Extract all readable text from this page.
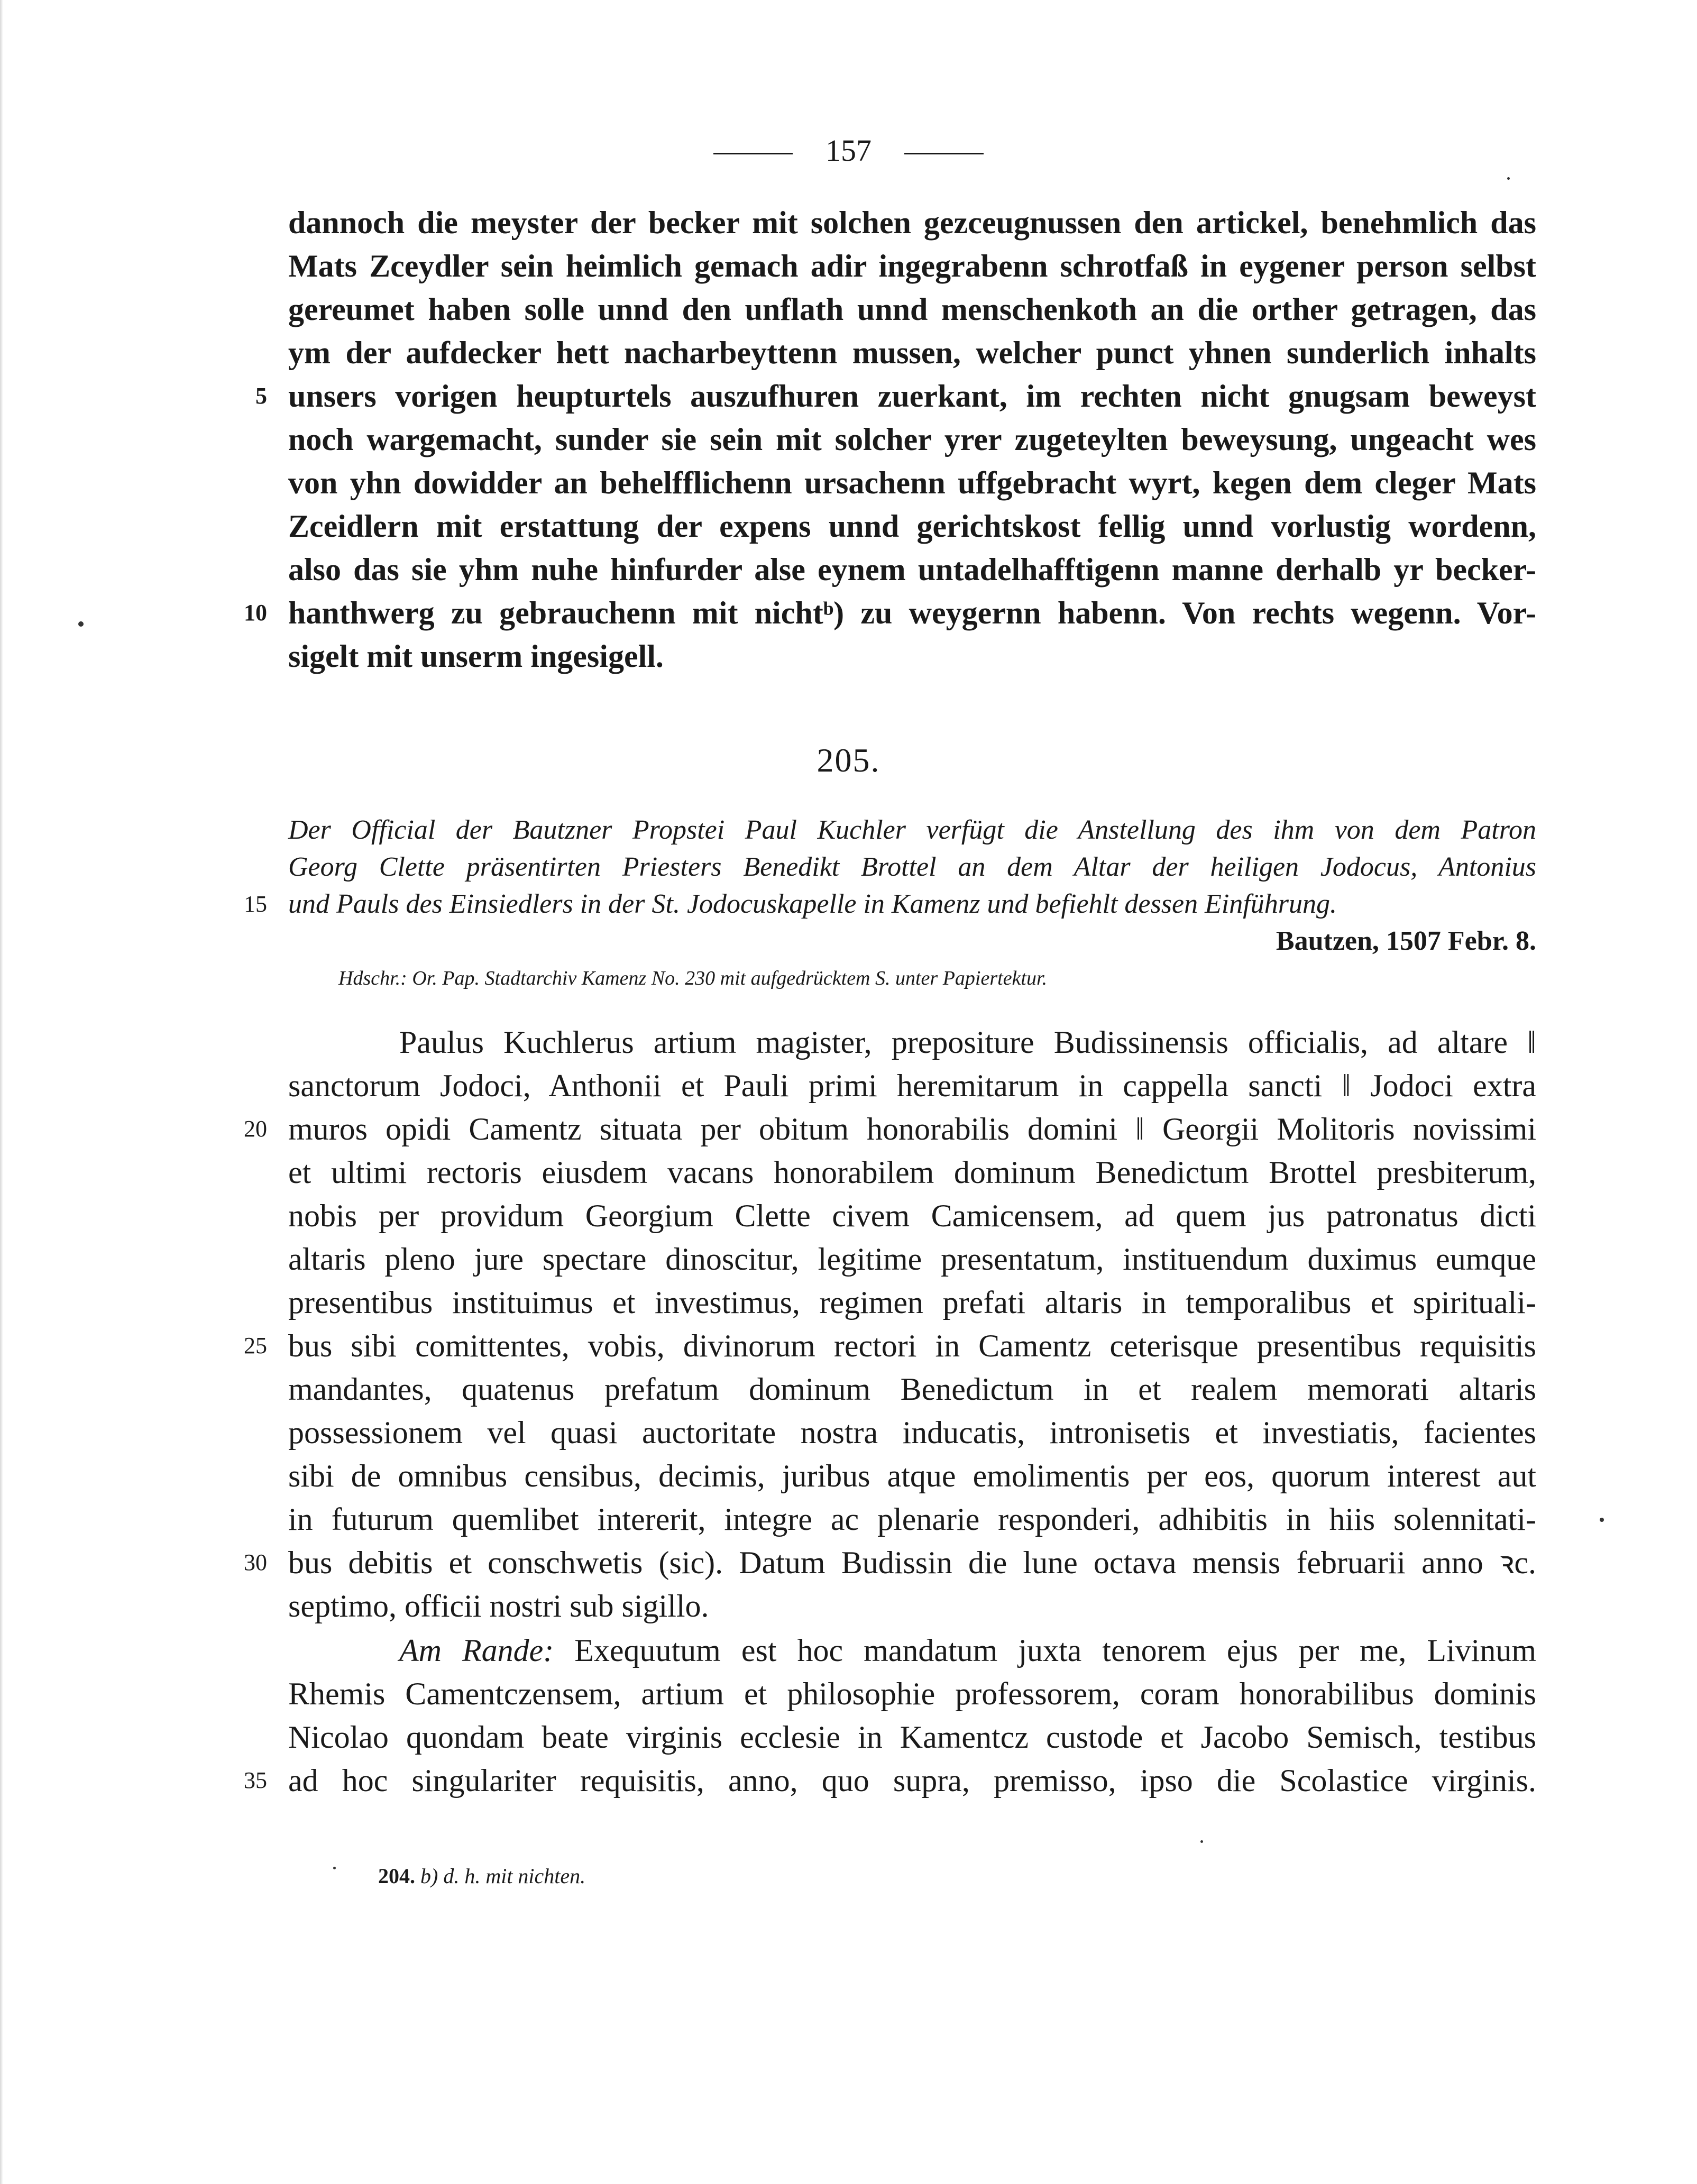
157
dannoch die meyster der becker mit solchen gezceugnussen den artickel, benehmlich das
Mats Zceydler sein heimlich gemach adir ingegrabenn schrotfaß in eygener person selbst
gereumet haben solle unnd den unflath unnd menschenkoth an die orther getragen, das
ym der aufdecker hett nacharbeyttenn mussen, welcher punct yhnen sunderlich inhalts
5 unsers vorigen heupturtels auszufhuren zuerkant, im rechten nicht gnugsam beweyst
noch wargemacht, sunder sie sein mit solcher yrer zugeteylten beweysung, ungeacht wes
von yhn dowidder an behelfflichenn ursachenn uffgebracht wyrt, kegen dem cleger Mats
Zceidlern mit erstattung der expens unnd gerichtskost fellig unnd vorlustig wordenn,
also das sie yhm nuhe hinfurder alse eynem untadelhafftigenn manne derhalb yr becker-
10 hanthwerg zu gebrauchenn mit nichtᵇ) zu weygernn habenn. Von rechts wegenn. Vor-
sigelt mit unserm ingesigell.
205.
Der Official der Bautzner Propstei Paul Kuchler verfügt die Anstellung des ihm von dem Patron
Georg Clette präsentirten Priesters Benedikt Brottel an dem Altar der heiligen Jodocus, Antonius
15 und Pauls des Einsiedlers in der St. Jodocuskapelle in Kamenz und befiehlt dessen Einführung.
Bautzen, 1507 Febr. 8.
Hdschr.: Or. Pap. Stadtarchiv Kamenz No. 230 mit aufgedrücktem S. unter Papiertektur.
Paulus Kuchlerus artium magister, prepositure Budissinensis officialis, ad altare ‖
sanctorum Jodoci, Anthonii et Pauli primi heremitarum in cappella sancti ‖ Jodoci extra
20 muros opidi Camentz situata per obitum honorabilis domini ‖ Georgii Molitoris novissimi
et ultimi rectoris eiusdem vacans honorabilem dominum Benedictum Brottel presbiterum,
nobis per providum Georgium Clette civem Camicensem, ad quem jus patronatus dicti
altaris pleno jure spectare dinoscitur, legitime presentatum, instituendum duximus eumque
presentibus instituimus et investimus, regimen prefati altaris in temporalibus et spirituali-
25 bus sibi comittentes, vobis, divinorum rectori in Camentz ceterisque presentibus requisitis
mandantes, quatenus prefatum dominum Benedictum in et realem memorati altaris
possessionem vel quasi auctoritate nostra inducatis, intronisetis et investiatis, facientes
sibi de omnibus censibus, decimis, juribus atque emolimentis per eos, quorum interest aut
in futurum quemlibet intererit, integre ac plenarie responderi, adhibitis in hiis solennitati-
30 bus debitis et conschwetis (sic). Datum Budissin die lune octava mensis februarii anno ꝛc.
septimo, officii nostri sub sigillo.
Am Rande: Exequutum est hoc mandatum juxta tenorem ejus per me, Livinum
Rhemis Camentczensem, artium et philosophie professorem, coram honorabilibus dominis
Nicolao quondam beate virginis ecclesie in Kamentcz custode et Jacobo Semisch, testibus
35 ad hoc singulariter requisitis, anno, quo supra, premisso, ipso die Scolastice virginis.
204. b) d. h. mit nichten.
